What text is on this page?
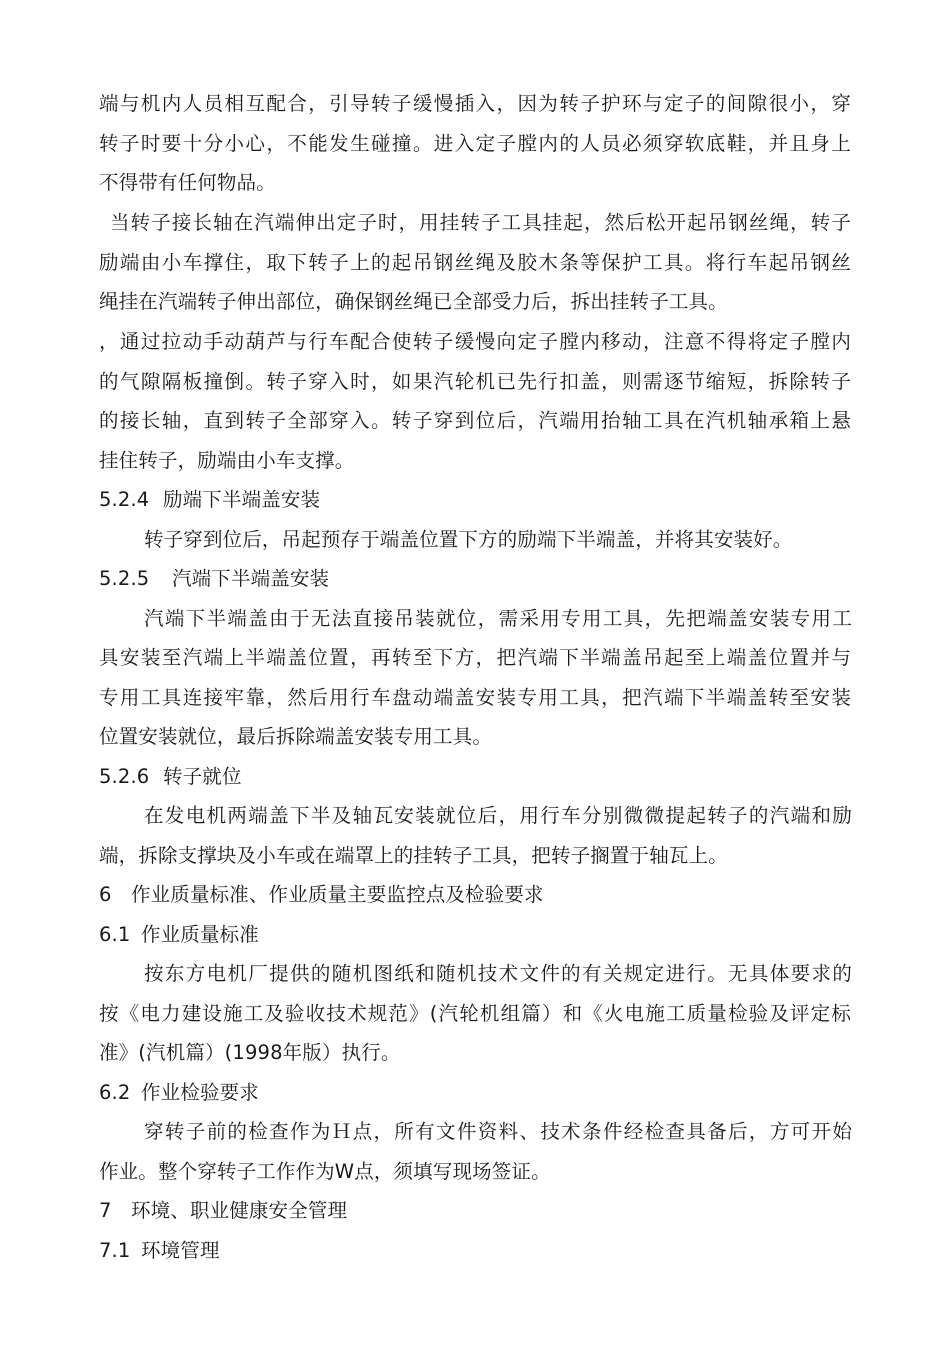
端与机内人员相互配合，引导转子缓慢插入，因为转子护环与定子的间隙很小，穿
转子时要十分小心，不能发生碰撞。进入定子膛内的人员必须穿软底鞋，并且身上
不得带有任何物品。
当转子接长轴在汽端伸出定子时，用挂转子工具挂起，然后松开起吊钢丝绳，转子
励端由小车撑住，取下转子上的起吊钢丝绳及胶木条等保护工具。将行车起吊钢丝
绳挂在汽端转子伸出部位，确保钢丝绳已全部受力后，拆出挂转子工具。
，通过拉动手动葫芦与行车配合使转子缓慢向定子膛内移动，注意不得将定子膛内
的气隙隔板撞倒。转子穿入时，如果汽轮机已先行扣盖，则需逐节缩短，拆除转子
的接长轴，直到转子全部穿入。转子穿到位后，汽端用抬轴工具在汽机轴承箱上悬
挂住转子，励端由小车支撑。
5.2.4 励端下半端盖安装
转子穿到位后，吊起预存于端盖位置下方的励端下半端盖，并将其安装好。
5.2.5 汽端下半端盖安装
汽端下半端盖由于无法直接吊装就位，需采用专用工具，先把端盖安装专用工
具安装至汽端上半端盖位置，再转至下方，把汽端下半端盖吊起至上端盖位置并与
专用工具连接牢靠，然后用行车盘动端盖安装专用工具，把汽端下半端盖转至安装
位置安装就位，最后拆除端盖安装专用工具。
5.2.6 转子就位
在发电机两端盖下半及轴瓦安装就位后，用行车分别微微提起转子的汽端和励
端，拆除支撑块及小车或在端罩上的挂转子工具，把转子搁置于轴瓦上。
6 作业质量标准、作业质量主要监控点及检验要求
6.1 作业质量标准
按东方电机厂提供的随机图纸和随机技术文件的有关规定进行。无具体要求的
按《电力建设施工及验收技术规范》(汽轮机组篇）和《火电施工质量检验及评定标
准》(汽机篇）(1998年版）执行。
6.2 作业检验要求
穿转子前的检查作为Ｈ点，所有文件资料、技术条件经检查具备后，方可开始
作业。整个穿转子工作作为W点，须填写现场签证。
7 环境、职业健康安全管理
7.1 环境管理
